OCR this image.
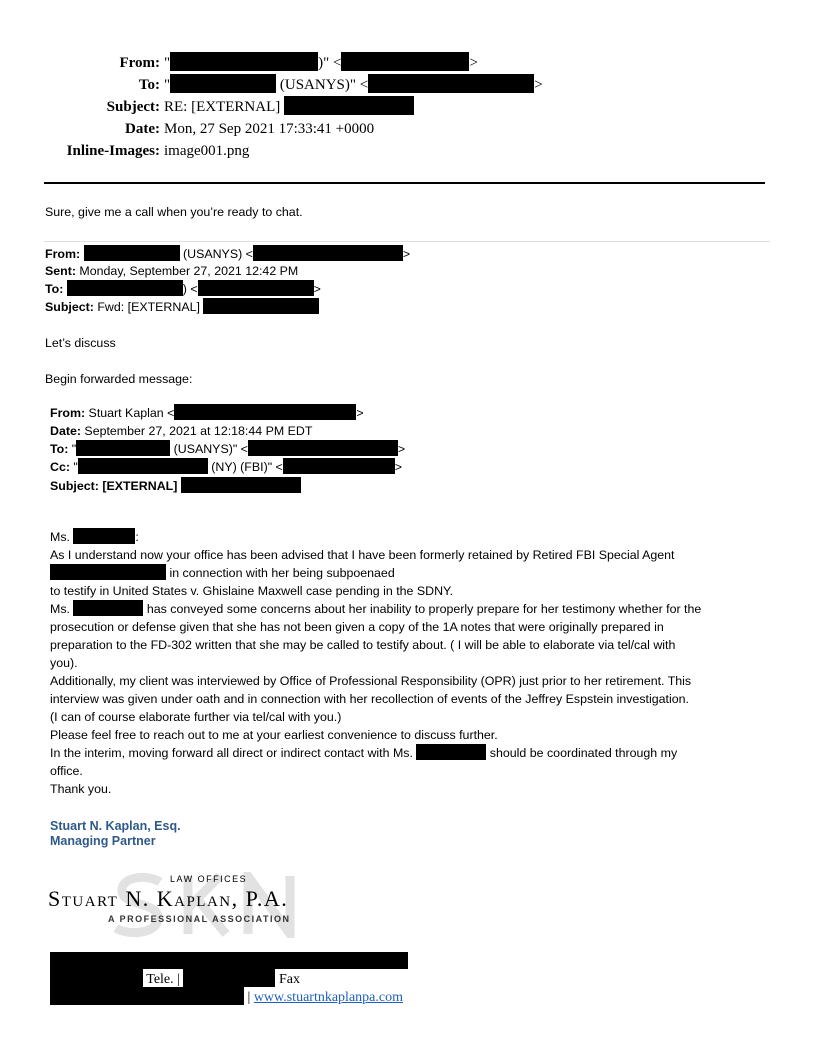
From: "	)" <	>
To: "	(USANYS)" <	>
Subject: RE: [EXTERNAL]
Date: Mon, 27 Sep 2021 17:33:41 +0000
Inline-Images: image001.png
Sure, give me a call when you’re ready to chat.
From:	(USANYS) <	>
Sent: Monday, September 27, 2021 12:42 PM
To:	) <	>
Subject: Fwd: [EXTERNAL]
Let’s discuss
Begin forwarded message:
From: Stuart Kaplan <	>
Date: September 27, 2021 at 12:18:44 PM EDT
To: "	(USANYS)" <	>
Cc: "	(NY) (FBI)" <	>
Subject: [EXTERNAL]
Ms.	:
As I understand now your office has been advised that I have been formerly retained by Retired FBI Special Agent
in connection with her being subpoenaed
to testify in United States v. Ghislaine Maxwell case pending in the SDNY.
Ms.	has conveyed some concerns about her inability to properly prepare for her testimony whether for the
prosecution or defense given that she has not been given a copy of the 1A notes that were originally prepared in
preparation to the FD-302 written that she may be called to testify about. ( I will be able to elaborate via tel/cal with
you).
Additionally, my client was interviewed by Office of Professional Responsibility (OPR) just prior to her retirement. This
interview was given under oath and in connection with her recollection of events of the Jeffrey Espstein investigation.
(I can of course elaborate further via tel/cal with you.)
Please feel free to reach out to me at your earliest convenience to discuss further.
In the interim, moving forward all direct or indirect contact with Ms.	should be coordinated through my
office.
Thank you.
Stuart N. Kaplan, Esq.
Managing Partner
LAW OFFICES
Stuart N. Kaplan, P.A.
A PROFESSIONAL ASSOCIATION
Tele. |	Fax
| www.stuartnkaplanpa.com
